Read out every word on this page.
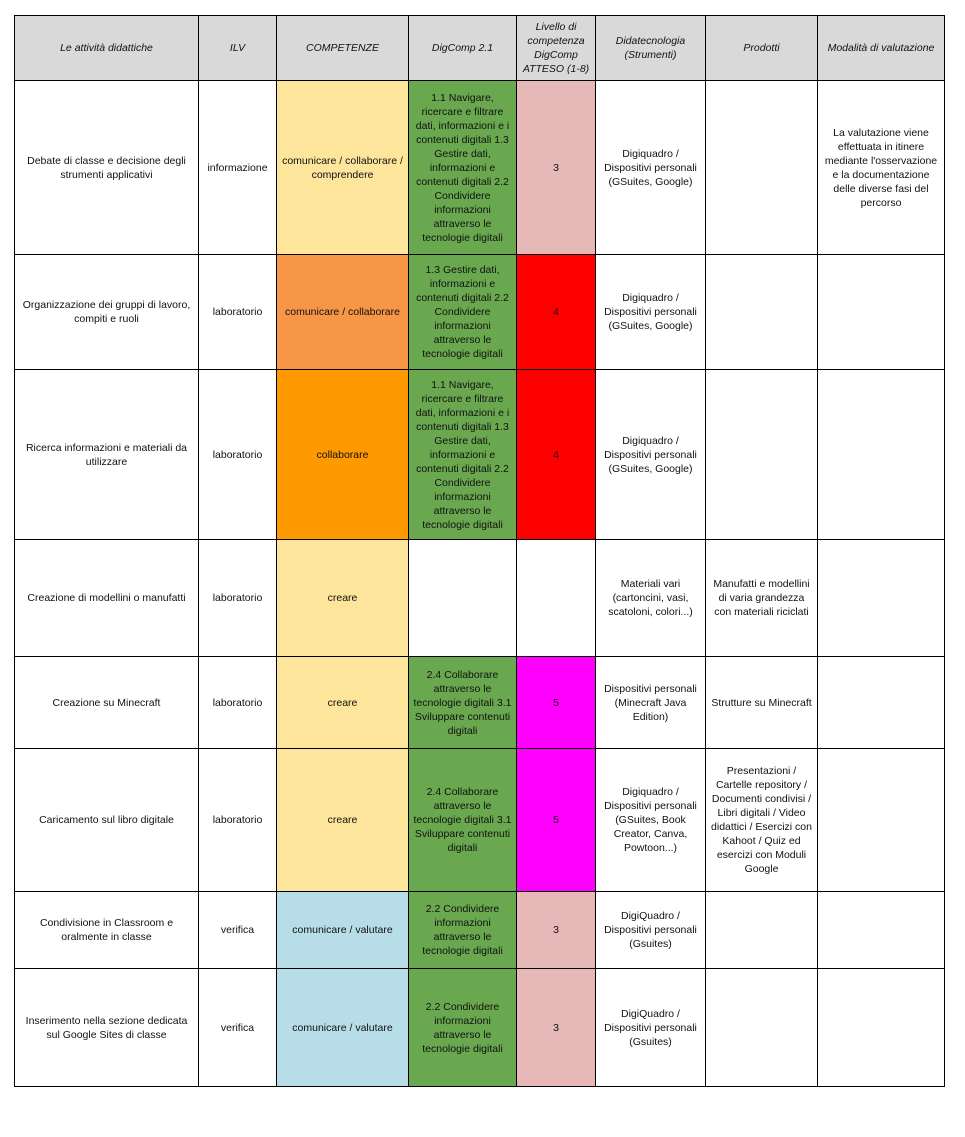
Le attività didattiche	ILV	COMPETENZE	DigComp 2.1	Livello di competenza DigComp ATTESO (1-8)	Didatecnologia (Strumenti)	Prodotti	Modalità di valutazione
Debate di classe e decisione degli strumenti applicativi	informazione	comunicare / collaborare / comprendere	1.1 Navigare, ricercare e filtrare dati, informazioni e i contenuti digitali 1.3 Gestire dati, informazioni e contenuti digitali 2.2 Condividere informazioni attraverso le tecnologie digitali	3	Digiquadro / Dispositivi personali (GSuites, Google)		La valutazione viene effettuata in itinere mediante l'osservazione e la documentazione delle diverse fasi del percorso
Organizzazione dei gruppi di lavoro, compiti e ruoli	laboratorio	comunicare / collaborare	1.3 Gestire dati, informazioni e contenuti digitali 2.2 Condividere informazioni attraverso le tecnologie digitali	4	Digiquadro / Dispositivi personali (GSuites, Google)		
Ricerca informazioni e materiali da utilizzare	laboratorio	collaborare	1.1 Navigare, ricercare e filtrare dati, informazioni e i contenuti digitali 1.3 Gestire dati, informazioni e contenuti digitali 2.2 Condividere informazioni attraverso le tecnologie digitali	4	Digiquadro / Dispositivi personali (GSuites, Google)		
Creazione di modellini o manufatti	laboratorio	creare			Materiali vari (cartoncini, vasi, scatoloni, colori...)	Manufatti e modellini di varia grandezza con materiali riciclati	
Creazione su Minecraft	laboratorio	creare	2.4 Collaborare attraverso le tecnologie digitali 3.1 Sviluppare contenuti digitali	5	Dispositivi personali (Minecraft Java Edition)	Strutture su Minecraft	
Caricamento sul libro digitale	laboratorio	creare	2.4 Collaborare attraverso le tecnologie digitali 3.1 Sviluppare contenuti digitali	5	Digiquadro / Dispositivi personali (GSuites, Book Creator, Canva, Powtoon...)	Presentazioni / Cartelle repository / Documenti condivisi / Libri digitali / Video didattici / Esercizi con Kahoot / Quiz ed esercizi con Moduli Google	
Condivisione in Classroom e oralmente in classe	verifica	comunicare / valutare	2.2 Condividere informazioni attraverso le tecnologie digitali	3	DigiQuadro / Dispositivi personali (Gsuites)		
Inserimento nella sezione dedicata sul Google Sites di classe	verifica	comunicare / valutare	2.2 Condividere informazioni attraverso le tecnologie digitali	3	DigiQuadro / Dispositivi personali (Gsuites)		
